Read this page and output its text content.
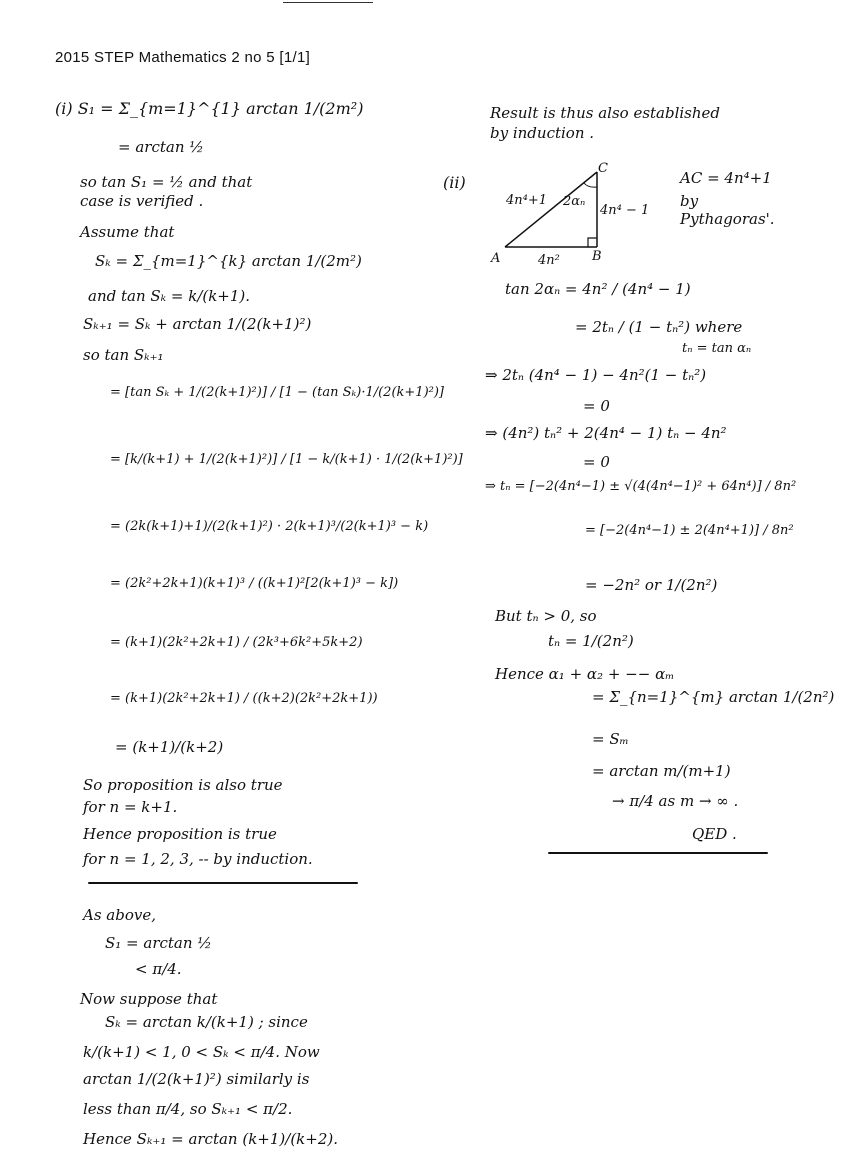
2015 STEP Mathematics 2 no 5 [1/1]
(i) S₁ = Σ_{m=1}^{1} arctan 1/(2m²)
= arctan ½
so tan S₁ = ½ and that
case is verified .
Assume that
Sₖ = Σ_{m=1}^{k} arctan 1/(2m²)
and tan Sₖ = k/(k+1).
Sₖ₊₁ = Sₖ + arctan 1/(2(k+1)²)
so tan Sₖ₊₁
= [tan Sₖ + 1/(2(k+1)²)] / [1 − (tan Sₖ)·1/(2(k+1)²)]
= [k/(k+1) + 1/(2(k+1)²)] / [1 − k/(k+1) · 1/(2(k+1)²)]
= (2k(k+1)+1)/(2(k+1)²) · 2(k+1)³/(2(k+1)³ − k)
= (2k²+2k+1)(k+1)³ / ((k+1)²[2(k+1)³ − k])
= (k+1)(2k²+2k+1) / (2k³+6k²+5k+2)
= (k+1)(2k²+2k+1) / ((k+2)(2k²+2k+1))
= (k+1)/(k+2)
So proposition is also true
for n = k+1.
Hence proposition is true
for n = 1, 2, 3, -- by induction.
As above,
S₁ = arctan ½
< π/4.
Now suppose that
Sₖ = arctan k/(k+1) ; since
k/(k+1) < 1, 0 < Sₖ < π/4. Now
arctan 1/(2(k+1)²) similarly is
less than π/4, so Sₖ₊₁ < π/2.
Hence Sₖ₊₁ = arctan (k+1)/(k+2).
Result is thus also established
by induction .
(ii)
A	B
C
4n⁴+1
4n⁴ − 1
4n²
2αₙ
AC = 4n⁴+1
by
Pythagoras'.
tan 2αₙ = 4n² / (4n⁴ − 1)
= 2tₙ / (1 − tₙ²) where
tₙ = tan αₙ
⇒ 2tₙ (4n⁴ − 1) − 4n²(1 − tₙ²)
= 0
⇒ (4n²) tₙ² + 2(4n⁴ − 1) tₙ − 4n²
= 0
⇒ tₙ = [−2(4n⁴−1) ± √(4(4n⁴−1)² + 64n⁴)] / 8n²
= [−2(4n⁴−1) ± 2(4n⁴+1)] / 8n²
= −2n² or 1/(2n²)
But tₙ > 0, so
tₙ = 1/(2n²)
Hence α₁ + α₂ + −− αₘ
= Σ_{n=1}^{m} arctan 1/(2n²)
= Sₘ
= arctan m/(m+1)
→ π/4 as m → ∞ .
QED .
